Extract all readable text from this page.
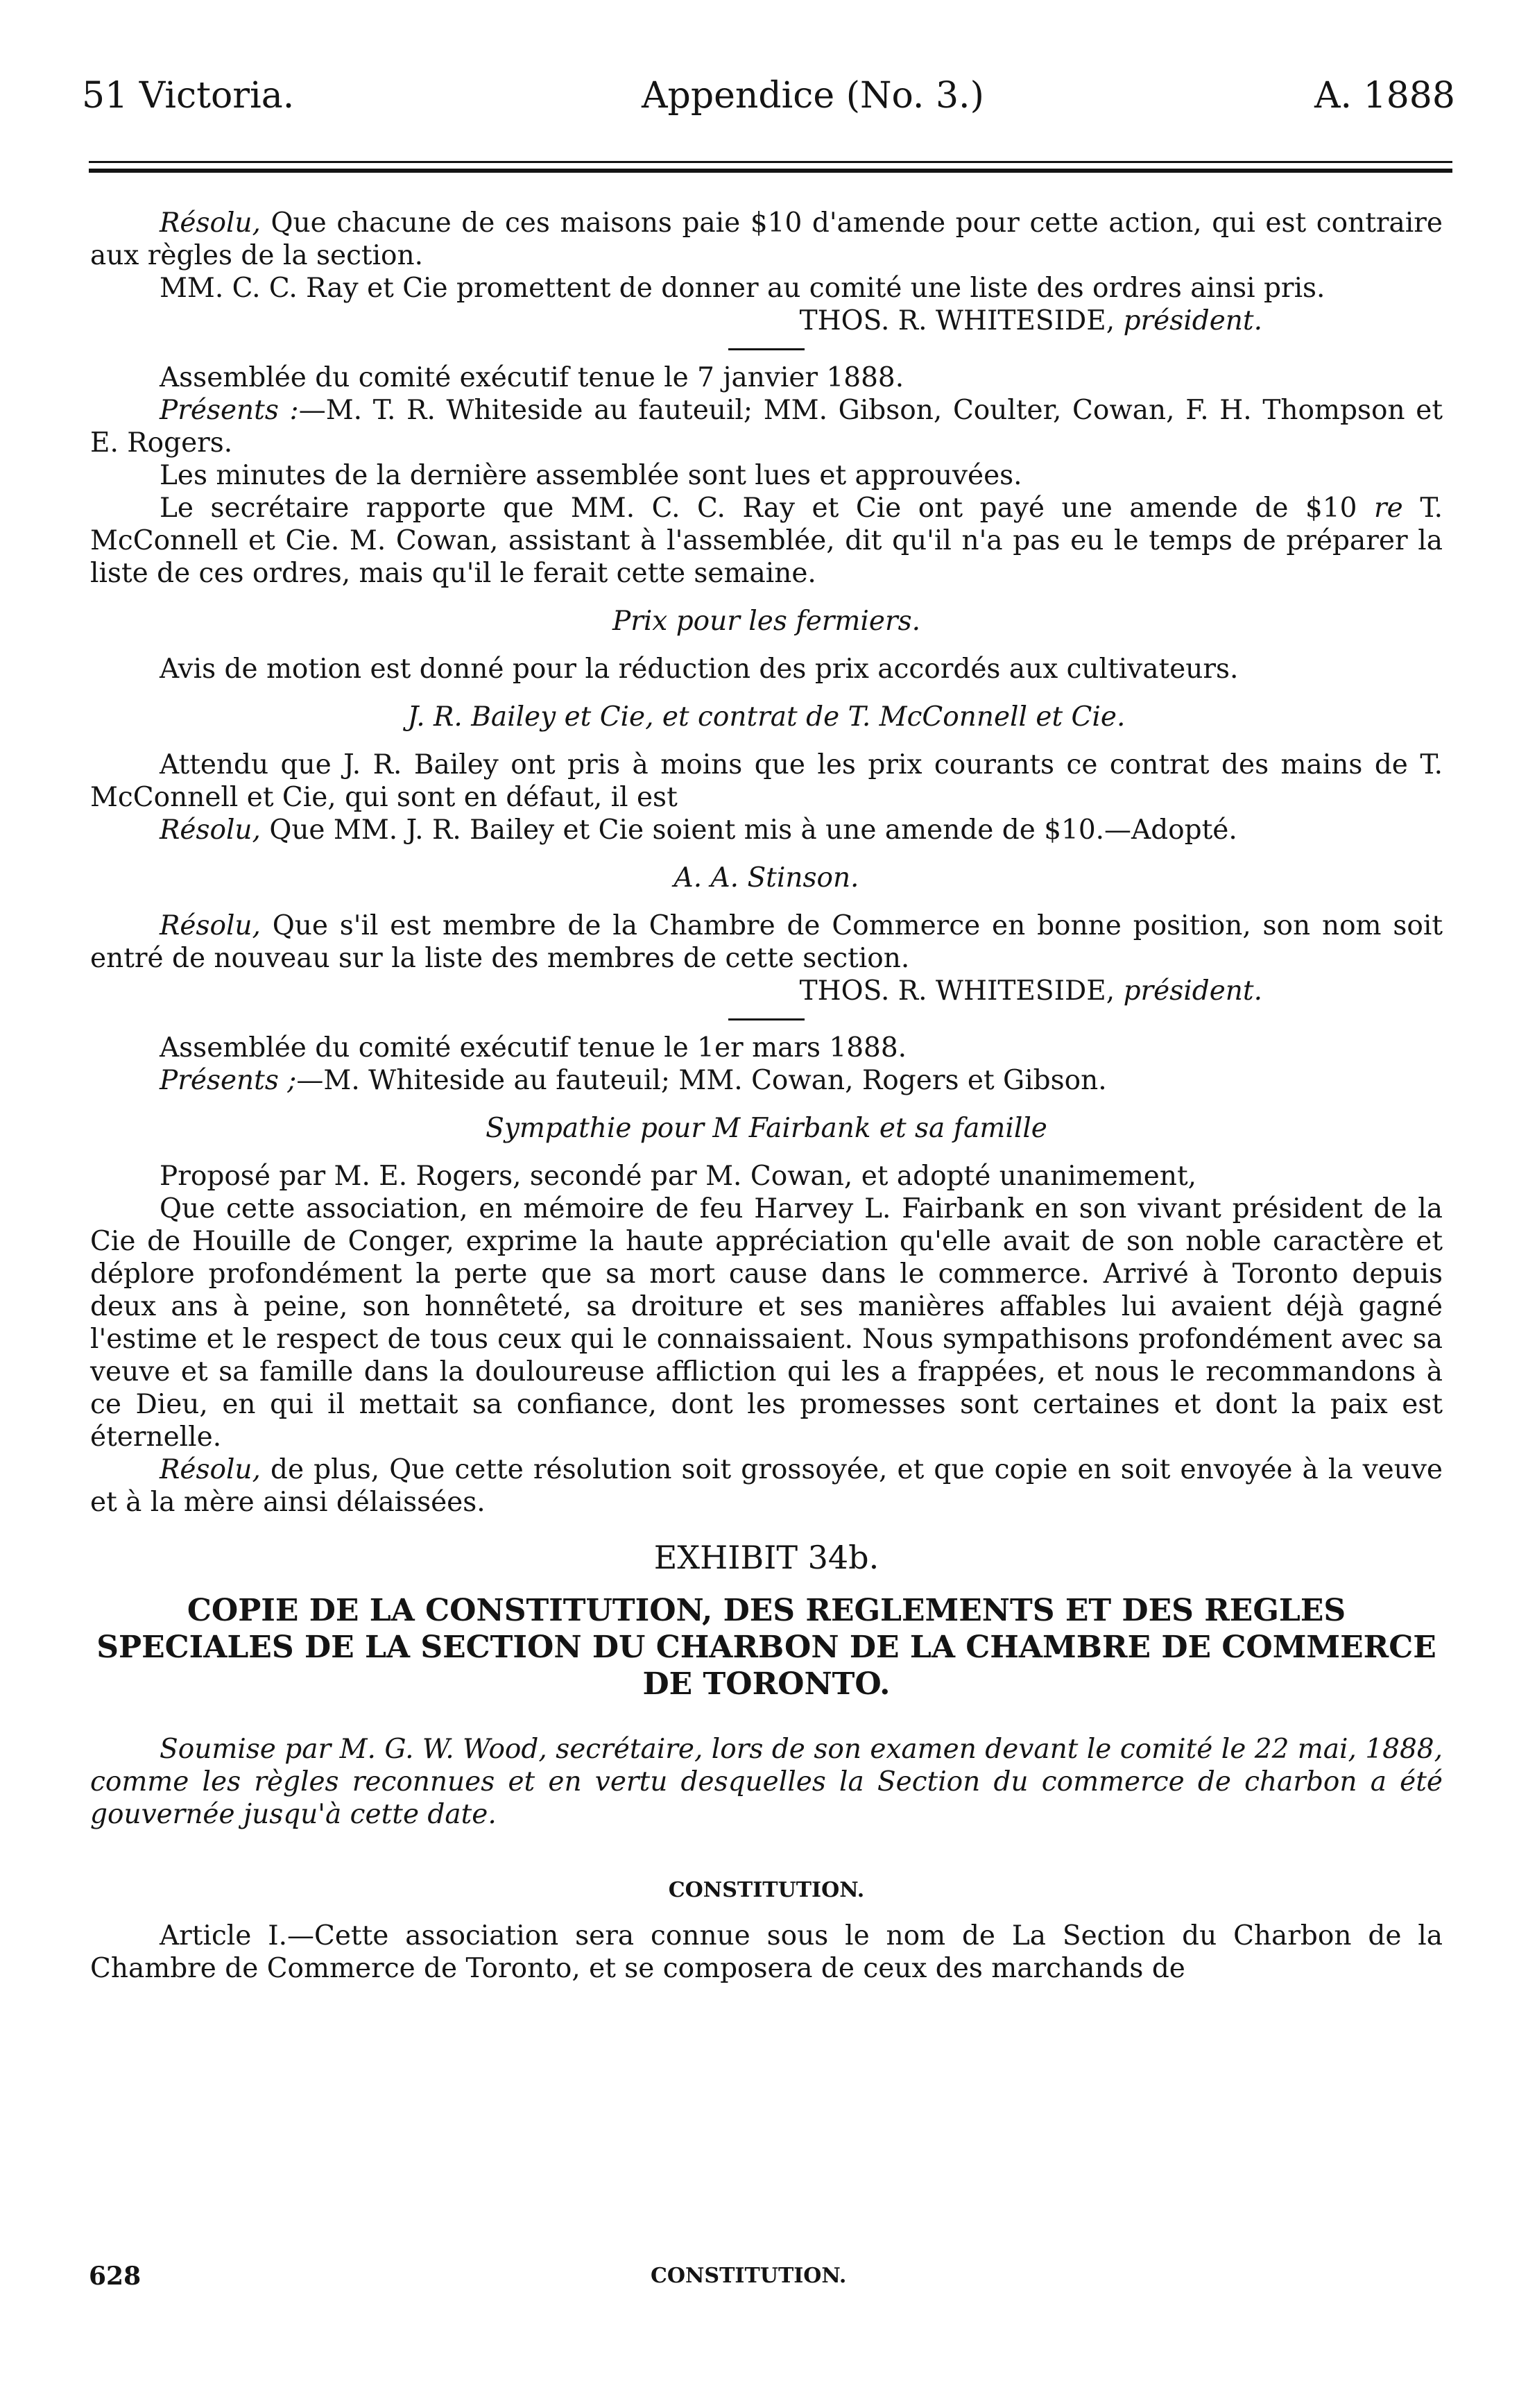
51 Victoria.	Appendice (No. 3.)	A. 1888

Résolu, Que chacune de ces maisons paie $10 d'amende pour cette action, qui est contraire aux règles de la section.

MM. C. C. Ray et Cie promettent de donner au comité une liste des ordres ainsi pris.

THOS. R. WHITESIDE, président.

Assemblée du comité exécutif tenue le 7 janvier 1888.

Présents :—M. T. R. Whiteside au fauteuil; MM. Gibson, Coulter, Cowan, F. H. Thompson et E. Rogers.

Les minutes de la dernière assemblée sont lues et approuvées.

Le secrétaire rapporte que MM. C. C. Ray et Cie ont payé une amende de $10 re T. McConnell et Cie. M. Cowan, assistant à l'assemblée, dit qu'il n'a pas eu le temps de préparer la liste de ces ordres, mais qu'il le ferait cette semaine.

Prix pour les fermiers.

Avis de motion est donné pour la réduction des prix accordés aux cultivateurs.

J. R. Bailey et Cie, et contrat de T. McConnell et Cie.

Attendu que J. R. Bailey ont pris à moins que les prix courants ce contrat des mains de T. McConnell et Cie, qui sont en défaut, il est

Résolu, Que MM. J. R. Bailey et Cie soient mis à une amende de $10.—Adopté.

A. A. Stinson.

Résolu, Que s'il est membre de la Chambre de Commerce en bonne position, son nom soit entré de nouveau sur la liste des membres de cette section.

THOS. R. WHITESIDE, président.

Assemblée du comité exécutif tenue le 1er mars 1888.

Présents ;—M. Whiteside au fauteuil; MM. Cowan, Rogers et Gibson.

Sympathie pour M Fairbank et sa famille

Proposé par M. E. Rogers, secondé par M. Cowan, et adopté unanimement,

Que cette association, en mémoire de feu Harvey L. Fairbank en son vivant président de la Cie de Houille de Conger, exprime la haute appréciation qu'elle avait de son noble caractère et déplore profondément la perte que sa mort cause dans le commerce. Arrivé à Toronto depuis deux ans à peine, son honnêteté, sa droiture et ses manières affables lui avaient déjà gagné l'estime et le respect de tous ceux qui le connaissaient. Nous sympathisons profondément avec sa veuve et sa famille dans la douloureuse affliction qui les a frappées, et nous le recommandons à ce Dieu, en qui il mettait sa confiance, dont les promesses sont certaines et dont la paix est éternelle.

Résolu, de plus, Que cette résolution soit grossoyée, et que copie en soit envoyée à la veuve et à la mère ainsi délaissées.

EXHIBIT 34b.

COPIE DE LA CONSTITUTION, DES REGLEMENTS ET DES REGLES SPECIALES DE LA SECTION DU CHARBON DE LA CHAMBRE DE COMMERCE DE TORONTO.

Soumise par M. G. W. Wood, secrétaire, lors de son examen devant le comité le 22 mai, 1888, comme les règles reconnues et en vertu desquelles la Section du commerce de charbon a été gouvernée jusqu'à cette date.

CONSTITUTION.

Article I.—Cette association sera connue sous le nom de La Section du Charbon de la Chambre de Commerce de Toronto, et se composera de ceux des marchands de

628	CONSTITUTION.
